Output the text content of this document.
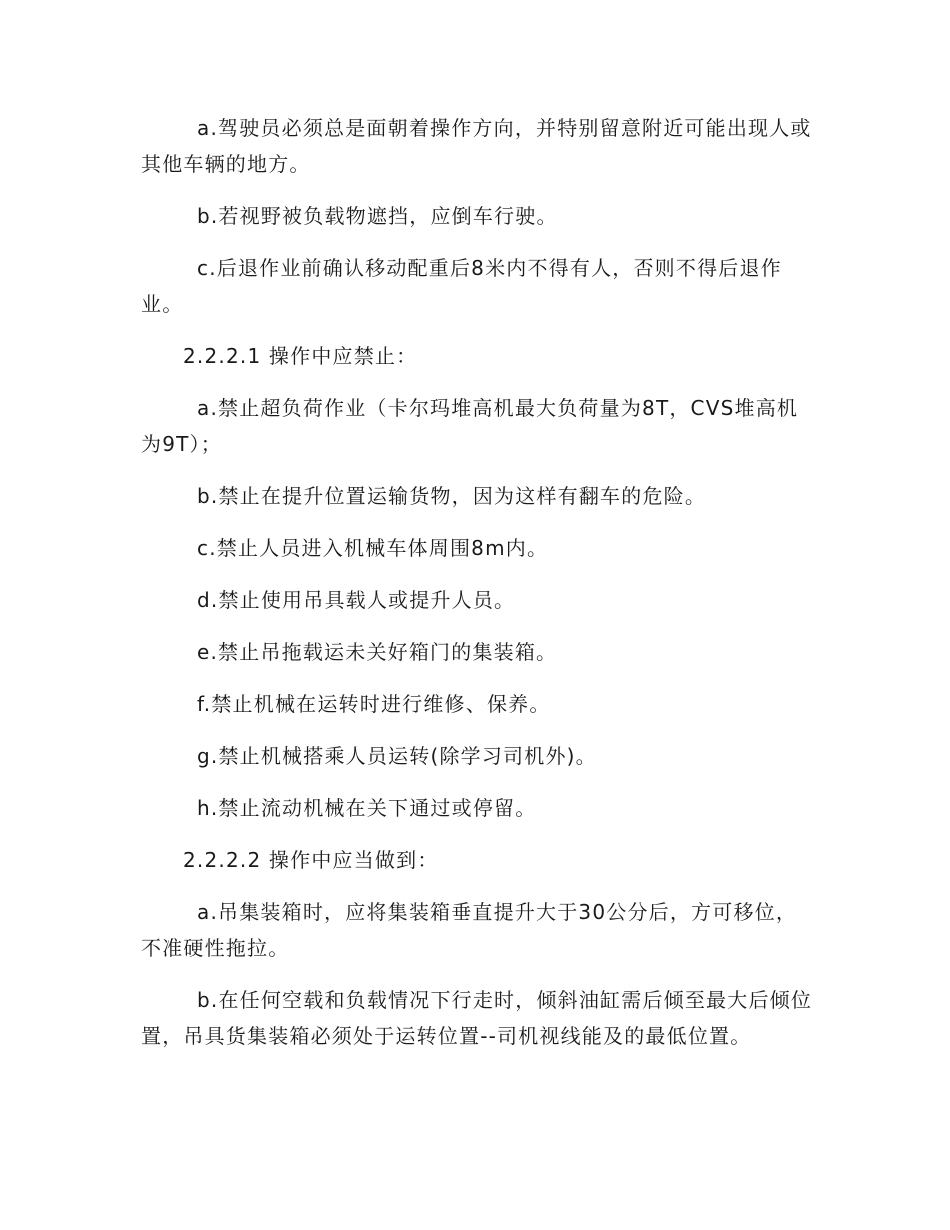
a.驾驶员必须总是面朝着操作方向，并特别留意附近可能出现人或其他车辆的地方。

b.若视野被负载物遮挡，应倒车行驶。

c.后退作业前确认移动配重后8米内不得有人，否则不得后退作业。

2.2.2.1 操作中应禁止：

a.禁止超负荷作业（卡尔玛堆高机最大负荷量为8T，CVS堆高机为9T）；

b.禁止在提升位置运输货物，因为这样有翻车的危险。

c.禁止人员进入机械车体周围8m内。

d.禁止使用吊具载人或提升人员。

e.禁止吊拖载运未关好箱门的集装箱。

f.禁止机械在运转时进行维修、保养。

g.禁止机械搭乘人员运转(除学习司机外)。

h.禁止流动机械在关下通过或停留。

2.2.2.2 操作中应当做到：

a.吊集装箱时，应将集装箱垂直提升大于30公分后，方可移位，不准硬性拖拉。

b.在任何空载和负载情况下行走时，倾斜油缸需后倾至最大后倾位置，吊具货集装箱必须处于运转位置--司机视线能及的最低位置。
